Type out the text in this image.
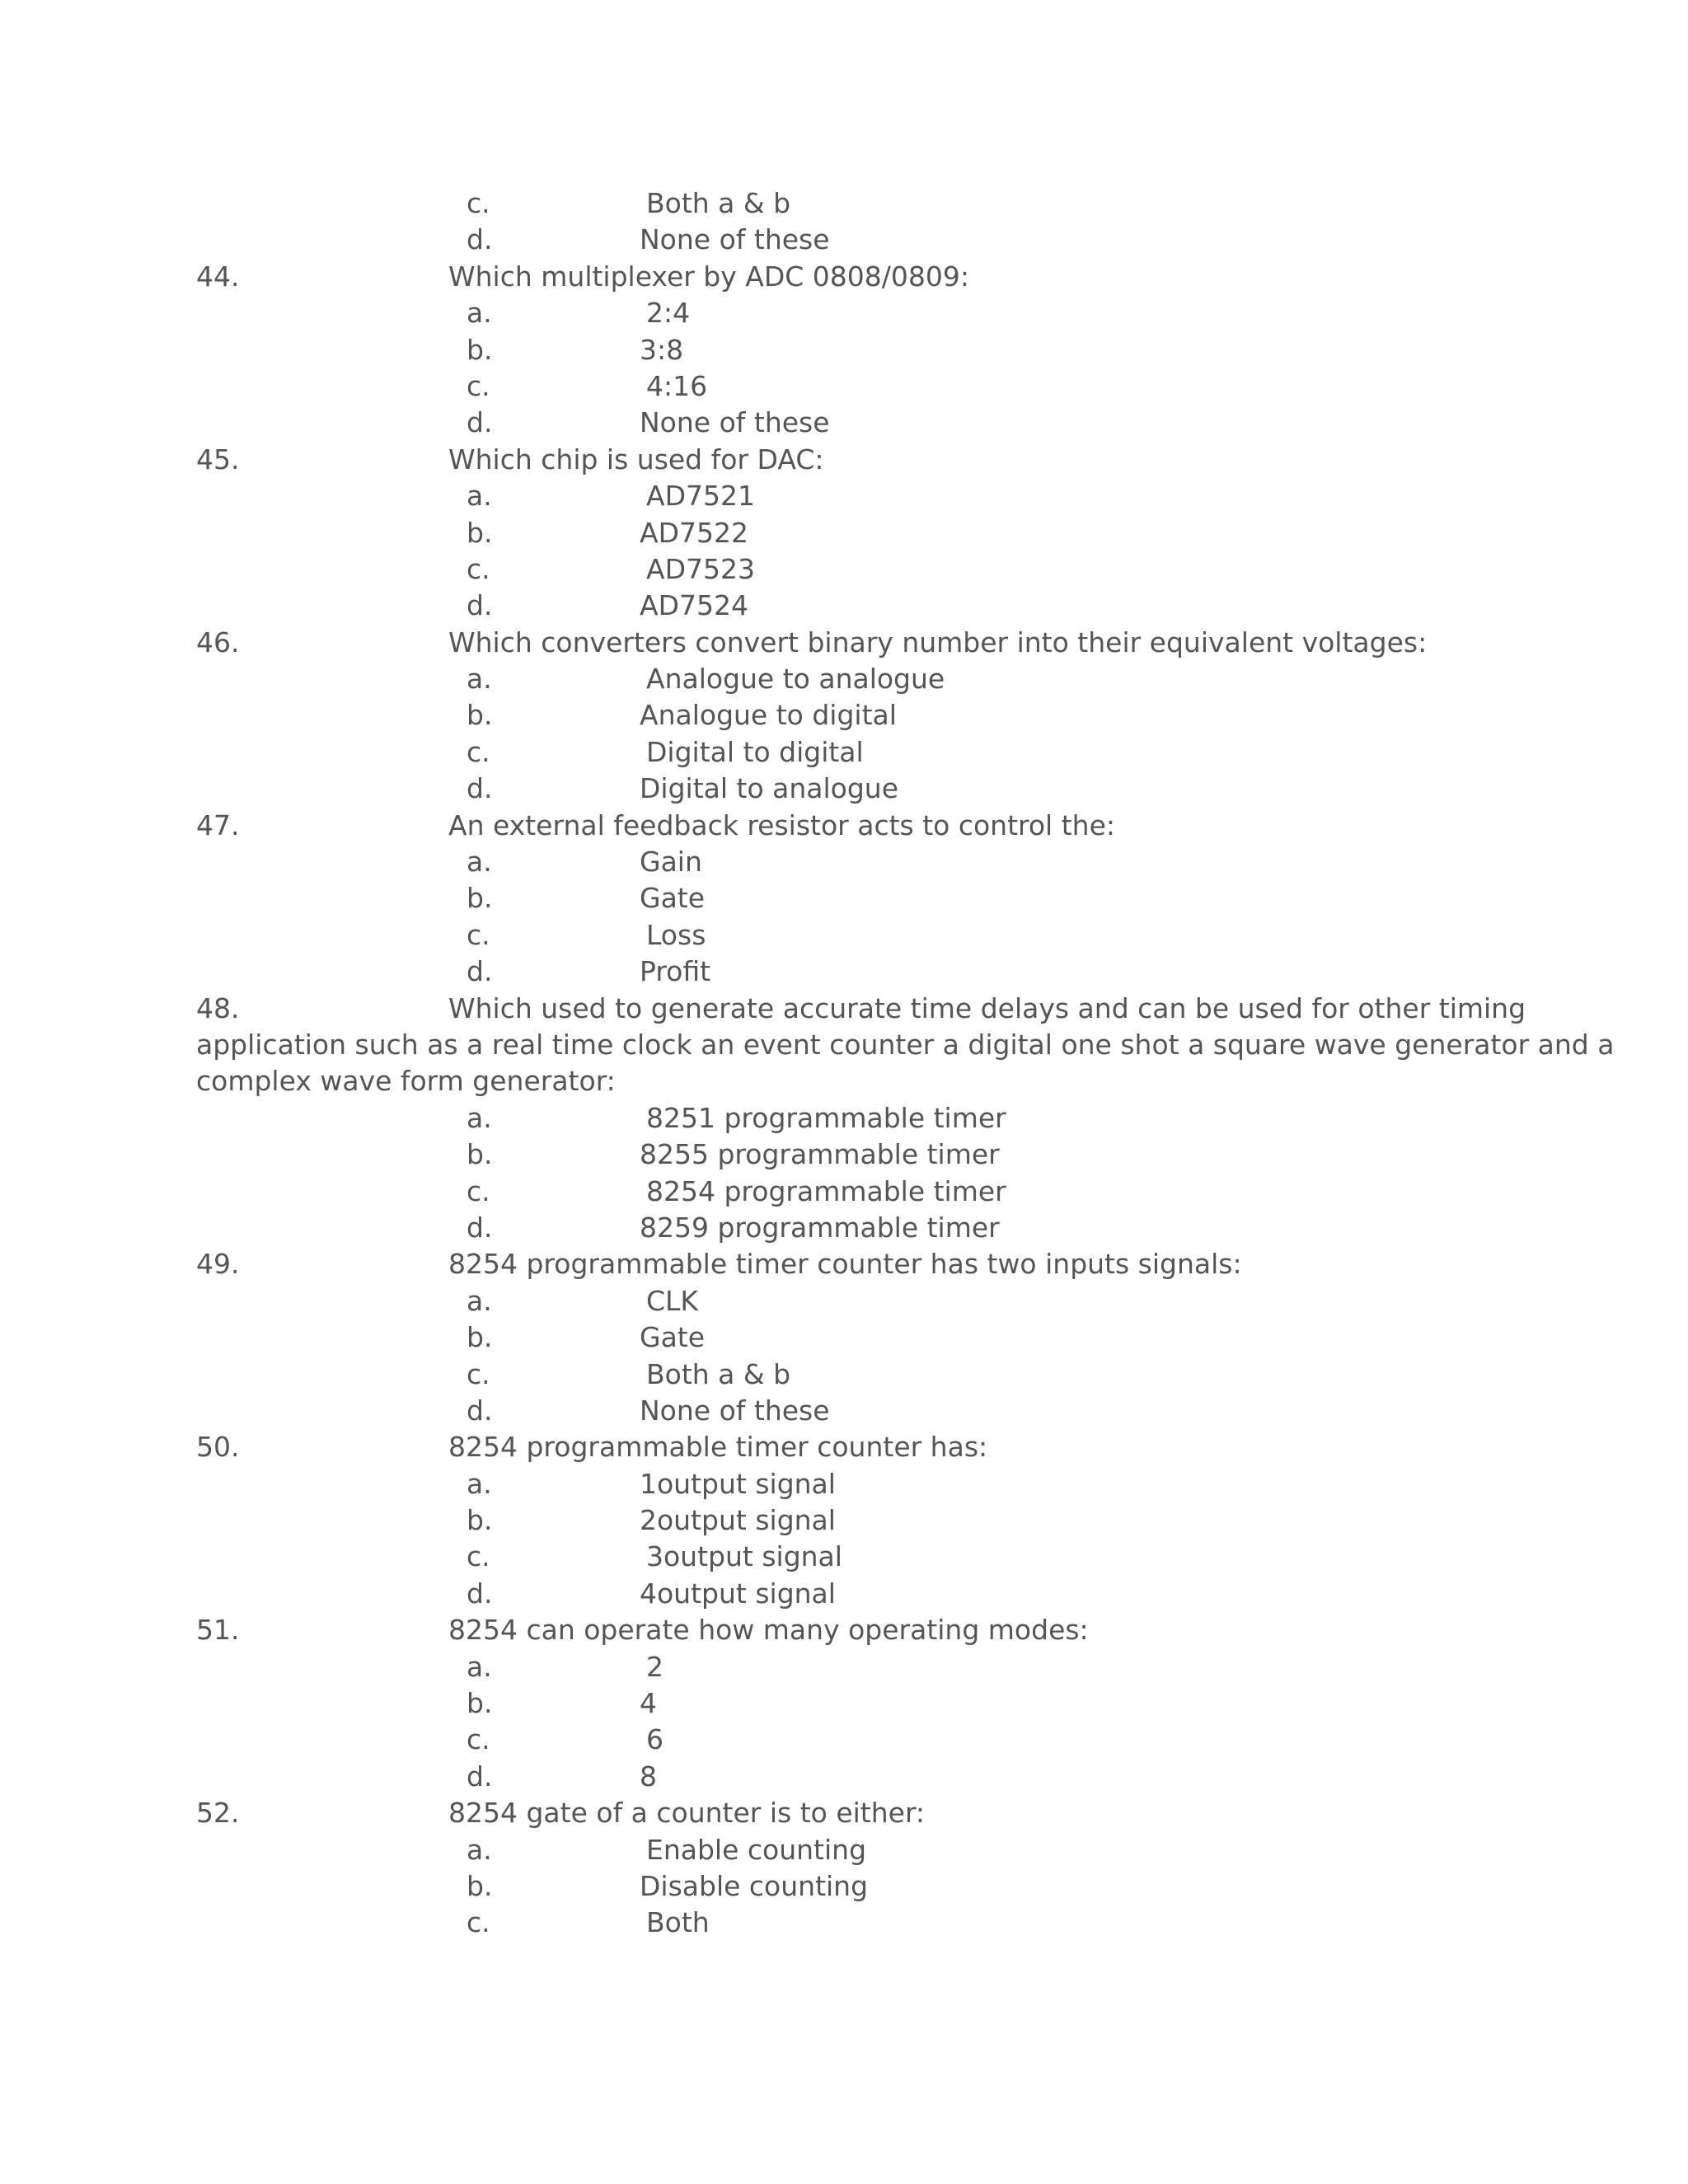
c.	Both a & b
d.	None of these
44.	Which multiplexer by ADC 0808/0809:
a.	2:4
b.	3:8
c.	4:16
d.	None of these
45.	Which chip is used for DAC:
a.	AD7521
b.	AD7522
c.	AD7523
d.	AD7524
46.	Which converters convert binary number into their equivalent voltages:
a.	Analogue to analogue
b.	Analogue to digital
c.	Digital to digital
d.	Digital to analogue
47.	An external feedback resistor acts to control the:
a.	Gain
b.	Gate
c.	Loss
d.	Profit
48.	Which used to generate accurate time delays and can be used for other timing
application such as a real time clock an event counter a digital one shot a square wave generator and a
complex wave form generator:
a.	8251 programmable timer
b.	8255 programmable timer
c.	8254 programmable timer
d.	8259 programmable timer
49.	8254 programmable timer counter has two inputs signals:
a.	CLK
b.	Gate
c.	Both a & b
d.	None of these
50.	8254 programmable timer counter has:
a.	1output signal
b.	2output signal
c.	3output signal
d.	4output signal
51.	8254 can operate how many operating modes:
a.	2
b.	4
c.	6
d.	8
52.	8254 gate of a counter is to either:
a.	Enable counting
b.	Disable counting
c.	Both
